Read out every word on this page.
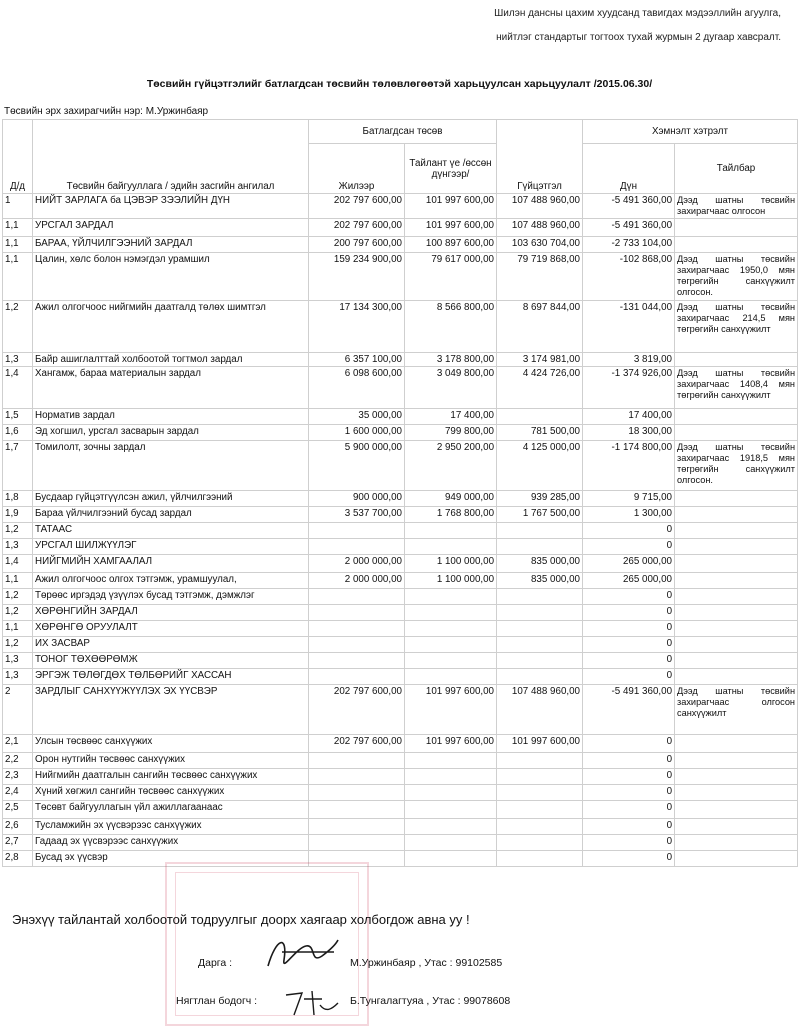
Шилэн дансны цахим хуудсанд тавигдах мэдээллийн агуулга,
нийтлэг стандартыг тогтоох тухай журмын 2 дугаар хавсралт.
Төсвийн гүйцэтгэлийг батлагдсан төсвийн төлөвлөгөөтэй харьцуулсан харьцуулалт /2015.06.30/
Төсвийн эрх захирагчийн нэр: М.Уржинбаяр
Д/д	Төсвийн байгууллага / эдийн засгийн ангилал	Батлагдсан төсөв		Гүйцэтгэл	Хэмнэлт хэтрэлт	
		Жилээр	Тайлант үе /өссөн дүнгээр/		Дүн	Тайлбар
1	НИЙТ ЗАРЛАГА ба ЦЭВЭР ЗЭЭЛИЙН ДҮН	202 797 600,00	101 997 600,00	107 488 960,00	-5 491 360,00	Дээд шатны төсвийн захирагчаас олгосон
1,1	УРСГАЛ ЗАРДАЛ	202 797 600,00	101 997 600,00	107 488 960,00	-5 491 360,00	
1,1	БАРАА, ҮЙЛЧИЛГЭЭНИЙ ЗАРДАЛ	200 797 600,00	100 897 600,00	103 630 704,00	-2 733 104,00	
1,1	Цалин, хөлс болон нэмэгдэл урамшил	159 234 900,00	79 617 000,00	79 719 868,00	-102 868,00	Дээд шатны төсвийн захирагчаас 1950,0 мян төгрөгийн санхүүжилт олгосон.
1,2	Ажил олгогчоос нийгмийн даатгалд төлөх шимтгэл	17 134 300,00	8 566 800,00	8 697 844,00	-131 044,00	Дээд шатны төсвийн захирагчаас 214,5 мян төгрөгийн санхүүжилт
1,3	Байр ашиглалттай холбоотой тогтмол зардал	6 357 100,00	3 178 800,00	3 174 981,00	3 819,00	
1,4	Хангамж, бараа материалын зардал	6 098 600,00	3 049 800,00	4 424 726,00	-1 374 926,00	Дээд шатны төсвийн захирагчаас 1408,4 мян төгрөгийн санхүүжилт
1,5	Норматив зардал	35 000,00	17 400,00		17 400,00	
1,6	Эд хогшил, урсгал засварын зардал	1 600 000,00	799 800,00	781 500,00	18 300,00	
1,7	Томилолт, зочны зардал	5 900 000,00	2 950 200,00	4 125 000,00	-1 174 800,00	Дээд шатны төсвийн захирагчаас 1918,5 мян төгрөгийн санхүүжилт олгосон.
1,8	Бусдаар гүйцэтгүүлсэн ажил, үйлчилгээний	900 000,00	949 000,00	939 285,00	9 715,00	
1,9	Бараа үйлчилгээний бусад зардал	3 537 700,00	1 768 800,00	1 767 500,00	1 300,00	
1,2	ТАТААС				0	
1,3	УРСГАЛ ШИЛЖҮҮЛЭГ				0	
1,4	НИЙГМИЙН ХАМГААЛАЛ	2 000 000,00	1 100 000,00	835 000,00	265 000,00	
1,1	Ажил олгогчоос олгох тэтгэмж, урамшуулал,	2 000 000,00	1 100 000,00	835 000,00	265 000,00	
1,2	Төрөөс иргэдэд үзүүлэх бусад тэтгэмж, дэмжлэг				0	
1,2	ХӨРӨНГИЙН ЗАРДАЛ				0	
1,1	ХӨРӨНГӨ ОРУУЛАЛТ				0	
1,2	ИХ ЗАСВАР				0	
1,3	ТОНОГ ТӨХӨӨРӨМЖ				0	
1,3	ЭРГЭЖ ТӨЛӨГДӨХ ТӨЛБӨРИЙГ ХАССАН				0	
2	ЗАРДЛЫГ САНХҮҮЖҮҮЛЭХ ЭХ ҮҮСВЭР	202 797 600,00	101 997 600,00	107 488 960,00	-5 491 360,00	Дээд шатны төсвийн захирагчаас олгосон санхүүжилт
2,1	Улсын төсвөөс санхүүжих	202 797 600,00	101 997 600,00	101 997 600,00	0	
2,2	Орон нутгийн төсвөөс санхүүжих				0	
2,3	Нийгмийн даатгалын сангийн төсвөөс санхүүжих				0	
2,4	Хүний хөгжил сангийн төсвөөс санхүүжих				0	
2,5	Төсөвт байгууллагын үйл ажиллагаанаас				0	
2,6	Тусламжийн эх үүсвэрээс санхүүжих				0	
2,7	Гадаад эх үүсвэрээс санхүүжих				0	
2,8	Бусад эх үүсвэр				0	
Энэхүү тайлантай холбоотой тодруулгыг доорх хаягаар холбогдож авна уу !
Дарга :	М.Уржинбаяр , Утас : 99102585
Нягтлан бодогч :	Б.Тунгалагтуяа , Утас : 99078608
